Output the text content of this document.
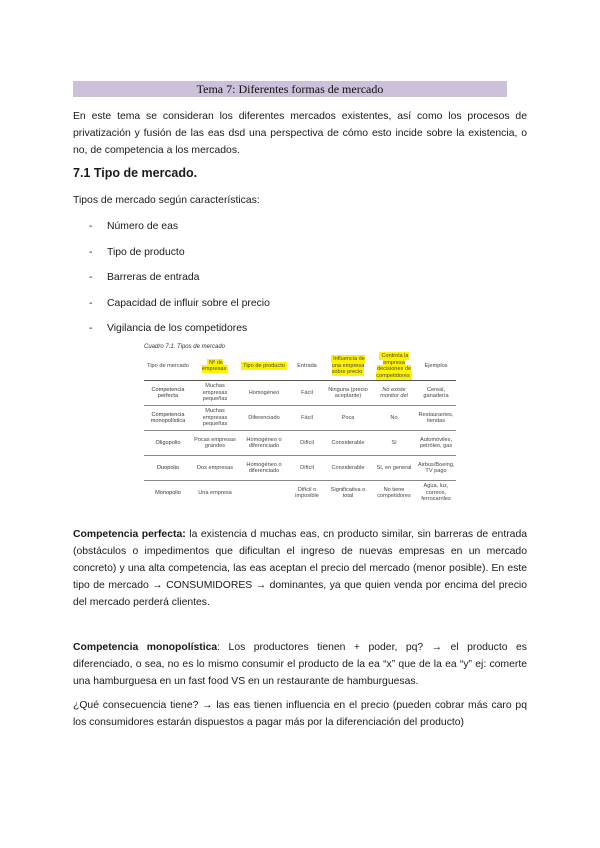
Tema 7: Diferentes formas de mercado

En este tema se consideran los diferentes mercados existentes, así como los procesos de privatización y fusión de las eas dsd una perspectiva de cómo esto incide sobre la existencia, o no, de competencia a los mercados.

7.1 Tipo de mercado.

Tipos de mercado según características:

- Número de eas
- Tipo de producto
- Barreras de entrada
- Capacidad de influir sobre el precio
- Vigilancia de los competidores
Cuadro 7.1. Tipos de mercado
Tipo de mercado	Nº de empresas	Tipo de producto	Entrada	Influencia de una empresa sobre precio	Controla la empresa decisiones de competidores	Ejemplos
Competencia perfecta	Muchas empresas pequeñas	Homogéneo	Fácil	Ninguna (precio aceptante)	No existe monitor del	Cereal, ganadería
Competencia monopolística	Muchas empresas pequeñas	Diferenciado	Fácil	Poca	No	Restaurantes, tiendas
Oligopolio	Pocas empresas grandes	Homogéneo o diferenciado	Difícil	Considerable	Sí	Automóviles, petróleo, gas
Duopolio	Dos empresas	Homogéneo o diferenciado	Difícil	Considerable	Sí, en general	Airbus/Boeing, TV pago
Monopolio	Una empresa		Difícil o imposible	Significativa o total	No tiene competidores	Agua, luz, correos, ferrocarriles

Competencia perfecta: la existencia d muchas eas, cn producto similar, sin barreras de entrada (obstáculos o impedimentos que dificultan el ingreso de nuevas empresas en un mercado concreto) y una alta competencia, las eas aceptan el precio del mercado (menor posible). En este tipo de mercado → CONSUMIDORES → dominantes, ya que quien venda por encima del precio del mercado perderá clientes.

Competencia monopolística: Los productores tienen + poder, pq? → el producto es diferenciado, o sea, no es lo mismo consumir el producto de la ea “x” que de la ea “y” ej: comerte una hamburguesa en un fast food VS en un restaurante de hamburguesas.

¿Qué consecuencia tiene? → las eas tienen influencia en el precio (pueden cobrar más caro pq los consumidores estarán dispuestos a pagar más por la diferenciación del producto)
